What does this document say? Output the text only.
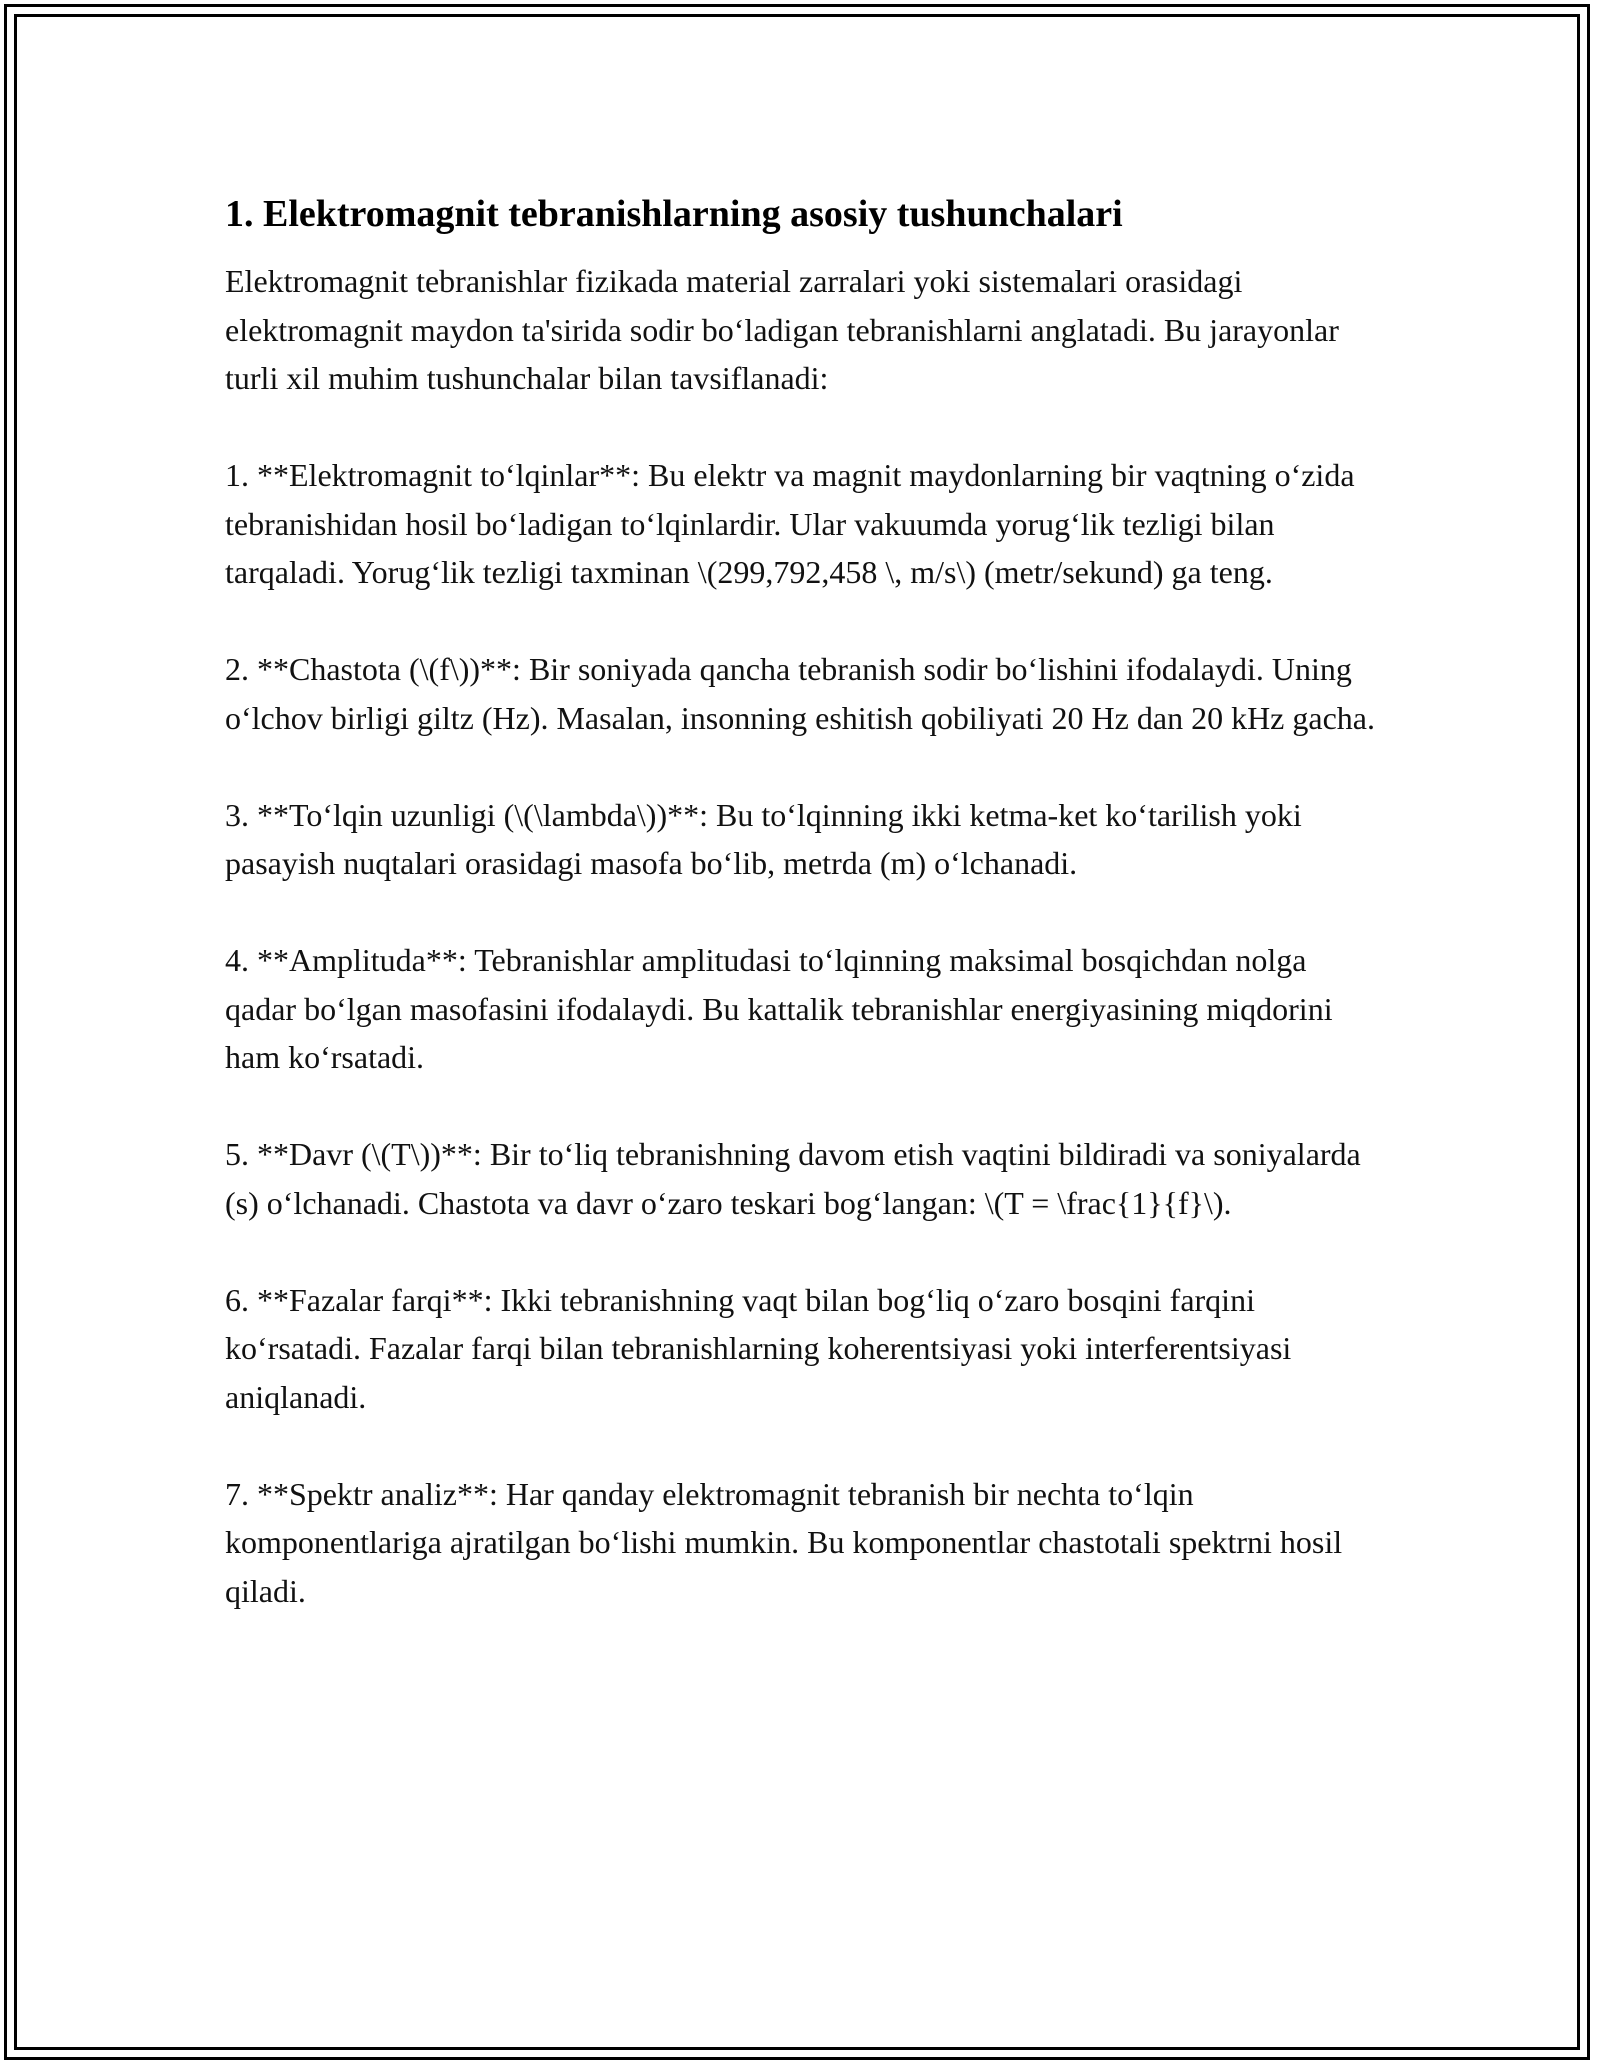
1. Elektromagnit tebranishlarning asosiy tushunchalari

Elektromagnit tebranishlar fizikada material zarralari yoki sistemalari orasidagi elektromagnit maydon ta'sirida sodir bo‘ladigan tebranishlarni anglatadi. Bu jarayonlar turli xil muhim tushunchalar bilan tavsiflanadi:

1. **Elektromagnit to‘lqinlar**: Bu elektr va magnit maydonlarning bir vaqtning o‘zida tebranishidan hosil bo‘ladigan to‘lqinlardir. Ular vakuumda yorug‘lik tezligi bilan tarqaladi. Yorug‘lik tezligi taxminan \(299,792,458 \, m/s\) (metr/sekund) ga teng.

2. **Chastota (\(f\))**: Bir soniyada qancha tebranish sodir bo‘lishini ifodalaydi. Uning o‘lchov birligi giltz (Hz). Masalan, insonning eshitish qobiliyati 20 Hz dan 20 kHz gacha.

3. **To‘lqin uzunligi (\(\lambda\))**: Bu to‘lqinning ikki ketma-ket ko‘tarilish yoki pasayish nuqtalari orasidagi masofa bo‘lib, metrda (m) o‘lchanadi.

4. **Amplituda**: Tebranishlar amplitudasi to‘lqinning maksimal bosqichdan nolga qadar bo‘lgan masofasini ifodalaydi. Bu kattalik tebranishlar energiyasining miqdorini ham ko‘rsatadi.

5. **Davr (\(T\))**: Bir to‘liq tebranishning davom etish vaqtini bildiradi va soniyalarda (s) o‘lchanadi. Chastota va davr o‘zaro teskari bog‘langan: \(T = \frac{1}{f}\).

6. **Fazalar farqi**: Ikki tebranishning vaqt bilan bog‘liq o‘zaro bosqini farqini ko‘rsatadi. Fazalar farqi bilan tebranishlarning koherentsiyasi yoki interferentsiyasi aniqlanadi.

7. **Spektr analiz**: Har qanday elektromagnit tebranish bir nechta to‘lqin komponentlariga ajratilgan bo‘lishi mumkin. Bu komponentlar chastotali spektrni hosil qiladi.
